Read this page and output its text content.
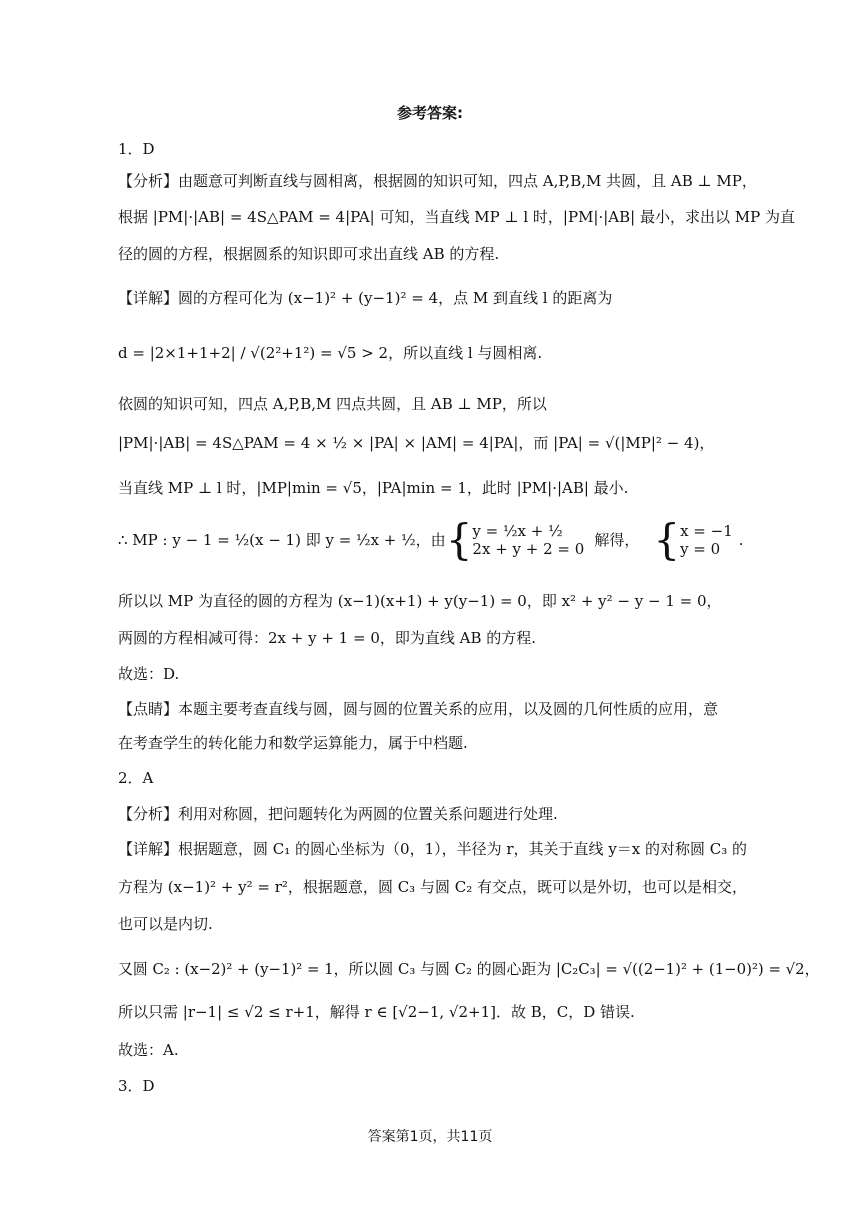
参考答案:
1．D
【分析】由题意可判断直线与圆相离，根据圆的知识可知，四点 A,P,B,M 共圆，且 AB ⊥ MP，
根据 |PM|·|AB| = 4S△PAM = 4|PA| 可知，当直线 MP ⊥ l 时，|PM|·|AB| 最小，求出以 MP 为直
径的圆的方程，根据圆系的知识即可求出直线 AB 的方程.
【详解】圆的方程可化为 (x−1)² + (y−1)² = 4，点 M 到直线 l 的距离为
d = |2×1+1+2| / √(2²+1²) = √5 > 2，所以直线 l 与圆相离.
依圆的知识可知，四点 A,P,B,M 四点共圆，且 AB ⊥ MP，所以
|PM|·|AB| = 4S△PAM = 4 × ½ × |PA| × |AM| = 4|PA|，而 |PA| = √(|MP|² − 4)，
当直线 MP ⊥ l 时，|MP|min = √5，|PA|min = 1，此时 |PM|·|AB| 最小.
∴ MP : y − 1 = ½(x − 1) 即 y = ½x + ½，由 { y = ½x + ½
2x + y + 2 = 0 解得， { x = −1
y = 0	.
所以以 MP 为直径的圆的方程为 (x−1)(x+1) + y(y−1) = 0，即 x² + y² − y − 1 = 0，
两圆的方程相减可得：2x + y + 1 = 0，即为直线 AB 的方程.
故选：D.
【点睛】本题主要考查直线与圆，圆与圆的位置关系的应用，以及圆的几何性质的应用，意
在考查学生的转化能力和数学运算能力，属于中档题.
2．A
【分析】利用对称圆，把问题转化为两圆的位置关系问题进行处理.
【详解】根据题意，圆 C₁ 的圆心坐标为（0，1），半径为 r，其关于直线 y＝x 的对称圆 C₃ 的
方程为 (x−1)² + y² = r²，根据题意，圆 C₃ 与圆 C₂ 有交点，既可以是外切，也可以是相交，
也可以是内切.
又圆 C₂ : (x−2)² + (y−1)² = 1，所以圆 C₃ 与圆 C₂ 的圆心距为 |C₂C₃| = √((2−1)² + (1−0)²) = √2，
所以只需 |r−1| ≤ √2 ≤ r+1，解得 r ∈ [√2−1, √2+1]．故 B，C，D 错误.
故选：A.
3．D
答案第1页，共11页
